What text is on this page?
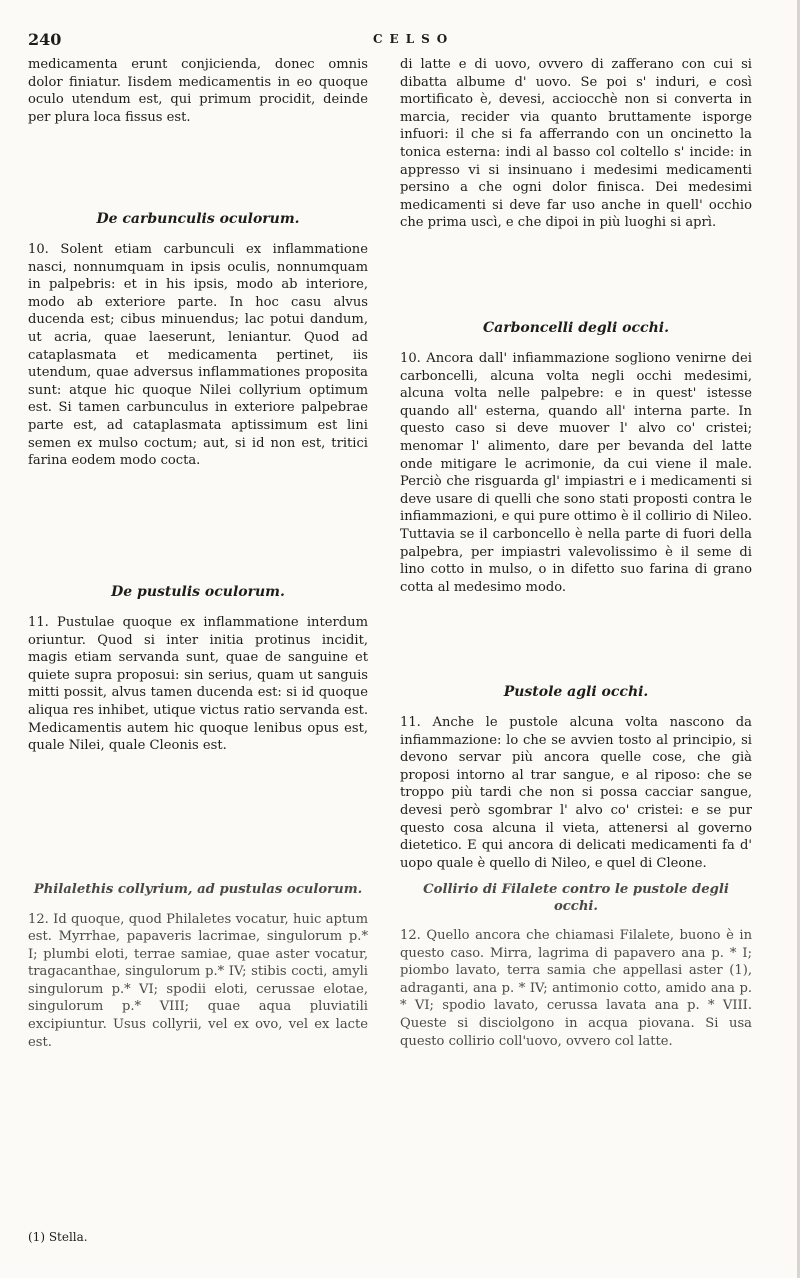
240	CELSO

medicamenta erunt conjicienda, donec omnis dolor finiatur. Iisdem medicamentis in eo quoque oculo utendum est, qui primum procidit, deinde per plura loca fissus est.

De carbunculis oculorum.

10. Solent etiam carbunculi ex inflammatione nasci, nonnumquam in ipsis oculis, nonnumquam in palpebris: et in his ipsis, modo ab interiore, modo ab exteriore parte. In hoc casu alvus ducenda est; cibus minuendus; lac potui dandum, ut acria, quae laeserunt, leniantur. Quod ad cataplasmata et medicamenta pertinet, iis utendum, quae adversus inflammationes proposita sunt: atque hic quoque Nilei collyrium optimum est. Si tamen carbunculus in exteriore palpebrae parte est, ad cataplasmata aptissimum est lini semen ex mulso coctum; aut, si id non est, tritici farina eodem modo cocta.

De pustulis oculorum.

11. Pustulae quoque ex inflammatione interdum oriuntur. Quod si inter initia protinus incidit, magis etiam servanda sunt, quae de sanguine et quiete supra proposui: sin serius, quam ut sanguis mitti possit, alvus tamen ducenda est: si id quoque aliqua res inhibet, utique victus ratio servanda est. Medicamentis autem hic quoque lenibus opus est, quale Nilei, quale Cleonis est.

Philalethis collyrium, ad pustulas oculorum.

12. Id quoque, quod Philaletes vocatur, huic aptum est. Myrrhae, papaveris lacrimae, singulorum p.* I; plumbi eloti, terrae samiae, quae aster vocatur, tragacanthae, singulorum p.* IV; stibis cocti, amyli singulorum p.* VI; spodii eloti, cerussae elotae, singulorum p.* VIII; quae aqua pluviatili excipiuntur. Usus collyrii, vel ex ovo, vel ex lacte est.

di latte e di uovo, ovvero di zafferano con cui si dibatta albume d' uovo. Se poi s' induri, e così mortificato è, devesi, acciocchè non si converta in marcia, recider via quanto bruttamente isporge infuori: il che si fa afferrando con un oncinetto la tonica esterna: indi al basso col coltello s' incide: in appresso vi si insinuano i medesimi medicamenti persino a che ogni dolor finisca. Dei medesimi medicamenti si deve far uso anche in quell' occhio che prima uscì, e che dipoi in più luoghi si aprì.

Carboncelli degli occhi.

10. Ancora dall' infiammazione sogliono venirne dei carboncelli, alcuna volta negli occhi medesimi, alcuna volta nelle palpebre: e in quest' istesse quando all' esterna, quando all' interna parte. In questo caso si deve muover l' alvo co' cristei; menomar l' alimento, dare per bevanda del latte onde mitigare le acrimonie, da cui viene il male. Perciò che risguarda gl' impiastri e i medicamenti si deve usare di quelli che sono stati proposti contra le infiammazioni, e qui pure ottimo è il collirio di Nileo. Tuttavia se il carboncello è nella parte di fuori della palpebra, per impiastri valevolissimo è il seme di lino cotto in mulso, o in difetto suo farina di grano cotta al medesimo modo.

Pustole agli occhi.

11. Anche le pustole alcuna volta nascono da infiammazione: lo che se avvien tosto al principio, si devono servar più ancora quelle cose, che già proposi intorno al trar sangue, e al riposo: che se troppo più tardi che non si possa cacciar sangue, devesi però sgombrar l' alvo co' cristei: e se pur questo cosa alcuna il vieta, attenersi al governo dietetico. E qui ancora di delicati medicamenti fa d' uopo quale è quello di Nileo, e quel di Cleone.

Collirio di Filalete contro le pustole degli occhi.

12. Quello ancora che chiamasi Filalete, buono è in questo caso. Mirra, lagrima di papavero ana p. * I; piombo lavato, terra samia che appellasi aster (1), adraganti, ana p. * IV; antimonio cotto, amido ana p. * VI; spodio lavato, cerussa lavata ana p. * VIII. Queste si disciolgono in acqua piovana. Si usa questo collirio coll'uovo, ovvero col latte.

(1) Stella.
